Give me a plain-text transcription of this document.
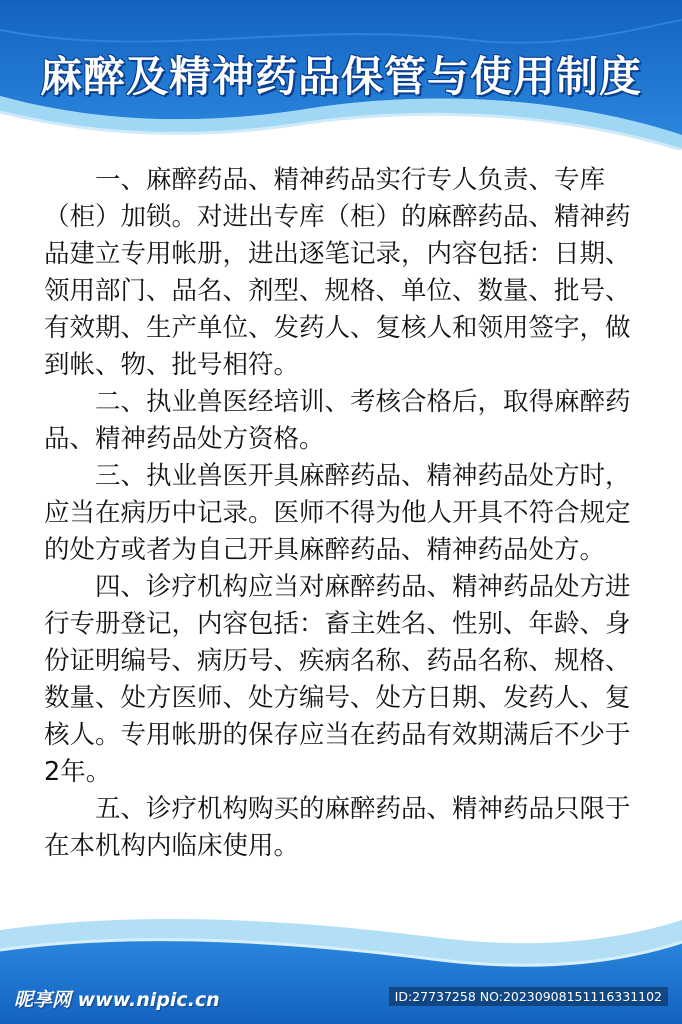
麻醉及精神药品保管与使用制度

一、麻醉药品、精神药品实行专人负责、专库（柜）加锁。对进出专库（柜）的麻醉药品、精神药品建立专用帐册，进出逐笔记录，内容包括：日期、领用部门、品名、剂型、规格、单位、数量、批号、有效期、生产单位、发药人、复核人和领用签字，做到帐、物、批号相符。

二、执业兽医经培训、考核合格后，取得麻醉药品、精神药品处方资格。

三、执业兽医开具麻醉药品、精神药品处方时，应当在病历中记录。医师不得为他人开具不符合规定的处方或者为自己开具麻醉药品、精神药品处方。

四、诊疗机构应当对麻醉药品、精神药品处方进行专册登记，内容包括：畜主姓名、性别、年龄、身份证明编号、病历号、疾病名称、药品名称、规格、数量、处方医师、处方编号、处方日期、发药人、复核人。专用帐册的保存应当在药品有效期满后不少于2年。

五、诊疗机构购买的麻醉药品、精神药品只限于在本机构内临床使用。

昵享网 www.nipic.cn	ID:27737258 NO:20230908151116331102
